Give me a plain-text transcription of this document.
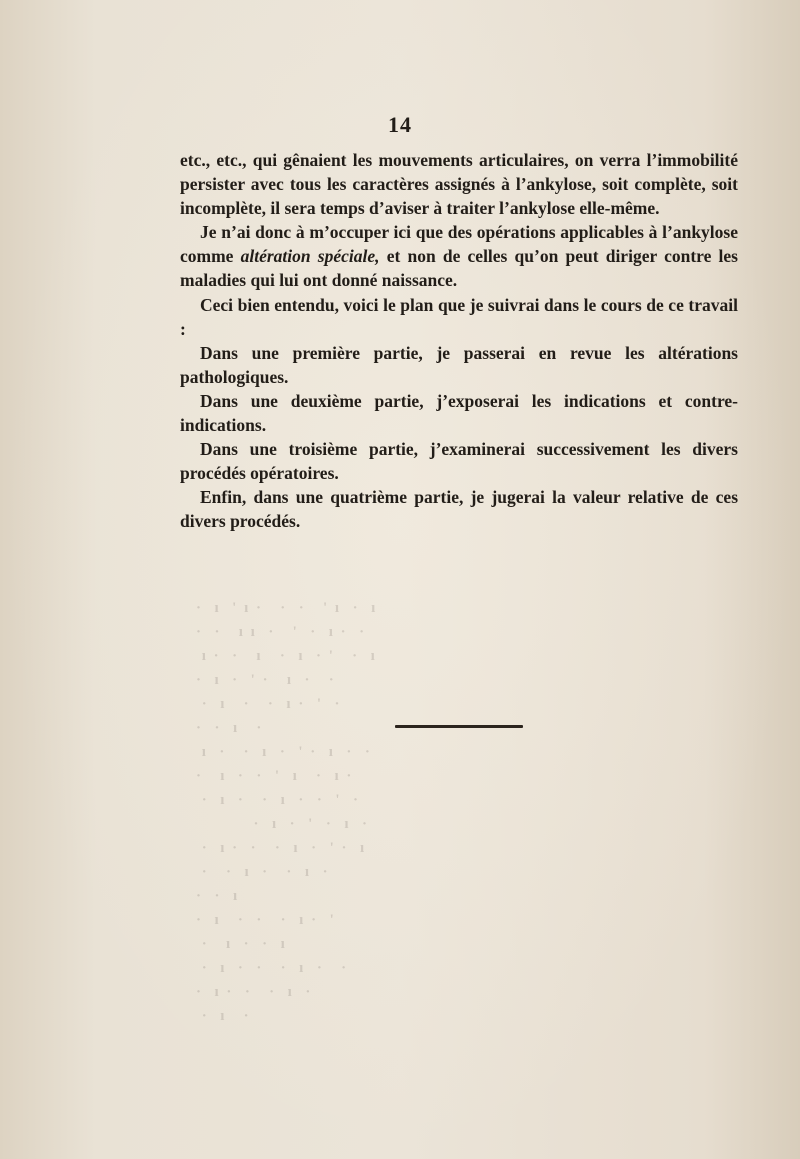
14

etc., etc., qui gênaient les mouvements articulaires, on verra l’immobilité persister avec tous les caractères assignés à l’ankylose, soit complète, soit incomplète, il sera temps d’aviser à traiter l’ankylose elle-même.

Je n’ai donc à m’occuper ici que des opérations applicables à l’ankylose comme altération spéciale, et non de celles qu’on peut diriger contre les maladies qui lui ont donné naissance.

Ceci bien entendu, voici le plan que je suivrai dans le cours de ce travail :

Dans une première partie, je passerai en revue les altérations pathologiques.

Dans une deuxième partie, j’exposerai les indications et contre-indications.

Dans une troisième partie, j’examinerai successivement les divers procédés opératoires.

Enfin, dans une quatrième partie, je jugerai la valeur relative de ces divers procédés.

·  ı  ' ı ·   ·  ·   ' ı  ·  ı
·  ·   ı ı  ·   '  ·  ı ·  ·
ı ·  ·   ı   ·  ı  · '   ·  ı
·  ı  ·  ' ·   ı  ·   ·
·  ı   ·   ·  ı ·  '  ·
·  ·  ı   ·
ı  ·   ·  ı  ·  ' ·  ı  ·  ·
·   ı  ·  ·  '  ı   ·  ı ·
·  ı  ·   ·  ı  ·  ·  '  ·
·  ı  ·  '  ·  ı  ·
·  ı ·  ·   ·  ı  ·  ' ·  ı
·   ·  ı  ·   ·  ı  ·
·  ·  ı
·  ı   ·  ·   ·  ı ·  '
·   ı  ·  ·  ı
·  ı  ·  ·   ·  ı  ·   ·
·  ı ·  ·   ·  ı  ·
·  ı   ·
